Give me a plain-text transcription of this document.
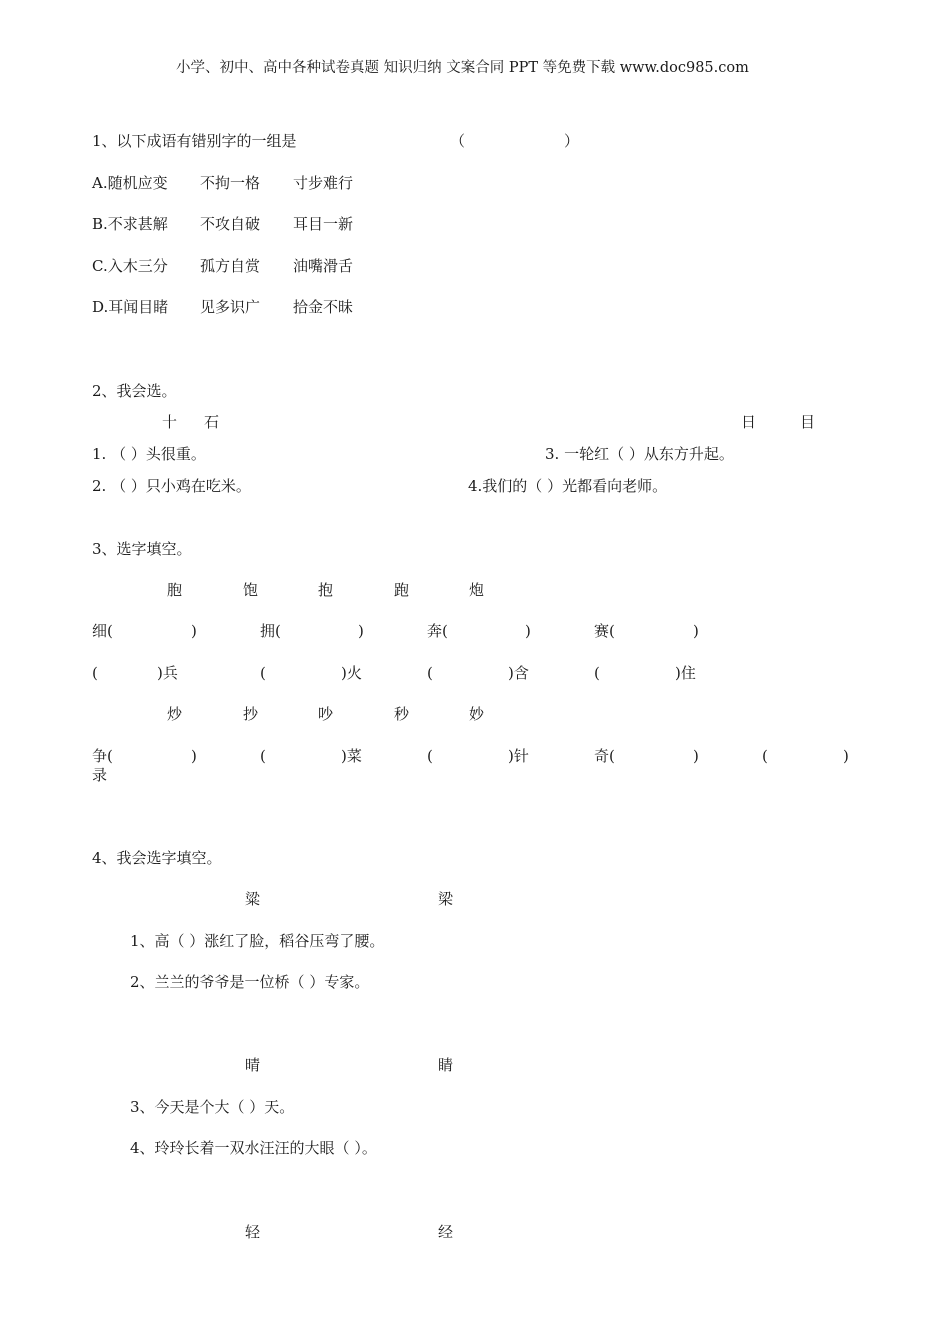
小学、初中、高中各种试卷真题 知识归纳 文案合同 PPT 等免费下载 www.doc985.com
1、以下成语有错别字的一组是	（	）
A.随机应变 不拘一格 寸步难行
B.不求甚解 不攻自破 耳目一新
C.入木三分 孤方自赏 油嘴滑舌
D.耳闻目睹 见多识广 拾金不昧
2、我会选。
十 石	日	目
1. （ ）头很重。	3. 一轮红（ ）从东方升起。
2. （ ）只小鸡在吃米。	4.我们的（ ）光都看向老师。
3、选字填空。
胞	饱	抱	跑	炮
细(	)	拥(	)	奔(	)	赛(	)
(	)兵	(	)火	(	)含	(	)住
炒	抄	吵	秒	妙
争(	)	(	)菜	(	)针	奇(	)	(	)
录
4、我会选字填空。
粱	梁
1、高（ ）涨红了脸，稻谷压弯了腰。
2、兰兰的爷爷是一位桥（ ）专家。
晴	睛
3、今天是个大（ ）天。
4、玲玲长着一双水汪汪的大眼（ ）。
轻	经
